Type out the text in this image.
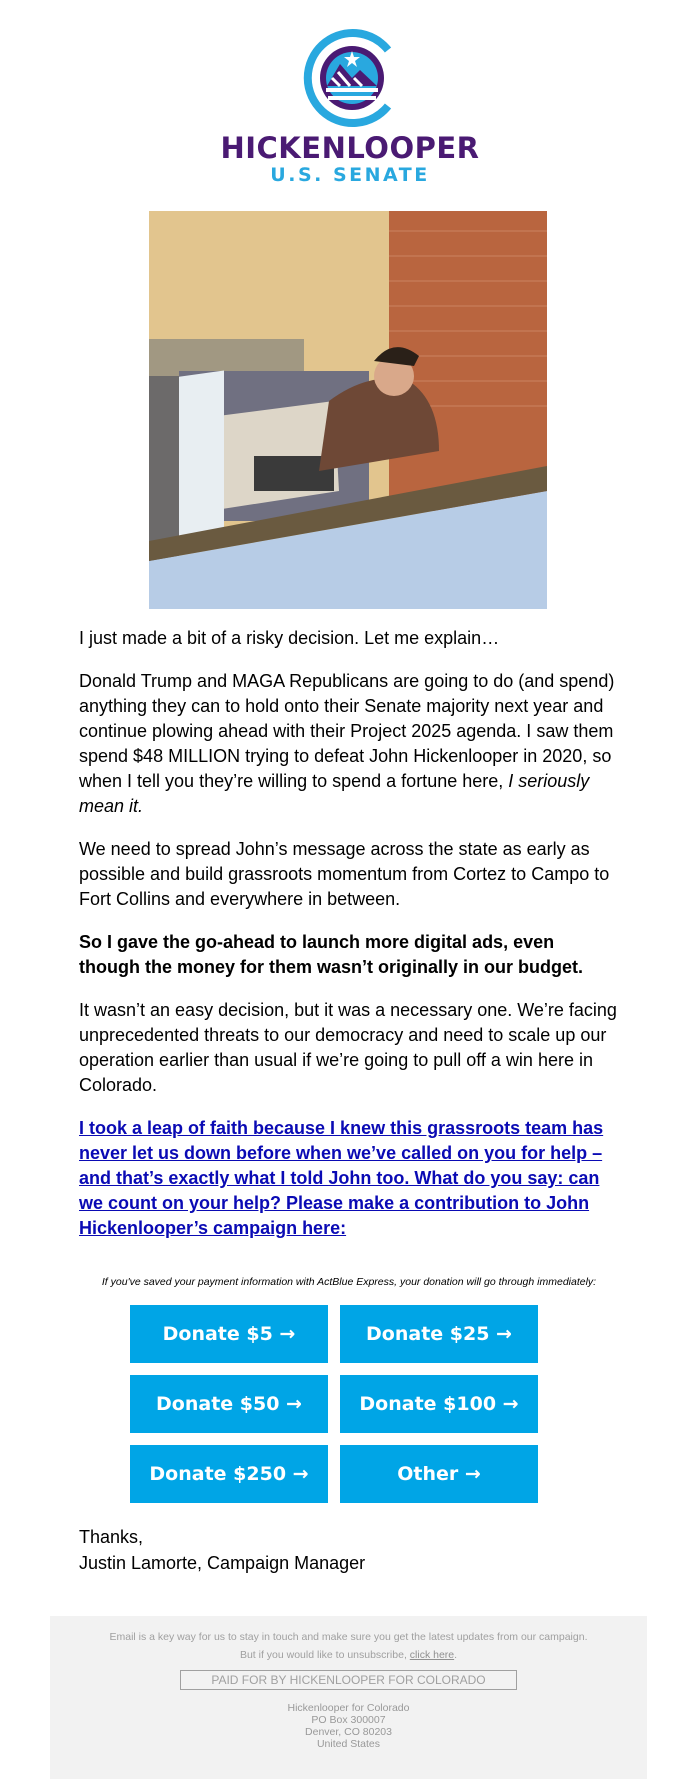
HICKENLOOPER
U.S. SENATE

I just made a bit of a risky decision. Let me explain…

Donald Trump and MAGA Republicans are going to do (and spend) anything they can to hold onto their Senate majority next year and continue plowing ahead with their Project 2025 agenda. I saw them spend $48 MILLION trying to defeat John Hickenlooper in 2020, so when I tell you they’re willing to spend a fortune here, I seriously mean it.

We need to spread John’s message across the state as early as possible and build grassroots momentum from Cortez to Campo to Fort Collins and everywhere in between.

So I gave the go-ahead to launch more digital ads, even though the money for them wasn’t originally in our budget.

It wasn’t an easy decision, but it was a necessary one. We’re facing unprecedented threats to our democracy and need to scale up our operation earlier than usual if we’re going to pull off a win here in Colorado.

I took a leap of faith because I knew this grassroots team has never let us down before when we’ve called on you for help – and that’s exactly what I told John too. What do you say: can we count on your help? Please make a contribution to John Hickenlooper’s campaign here:

If you've saved your payment information with ActBlue Express, your donation will go through immediately:

Donate $5 →	Donate $25 →
Donate $50 →	Donate $100 →
Donate $250 →	Other →
Thanks,
Justin Lamorte, Campaign Manager
Email is a key way for us to stay in touch and make sure you get the latest updates from our campaign.
But if you would like to unsubscribe, click here.
PAID FOR BY HICKENLOOPER FOR COLORADO
Hickenlooper for Colorado
PO Box 300007
Denver, CO 80203
United States
